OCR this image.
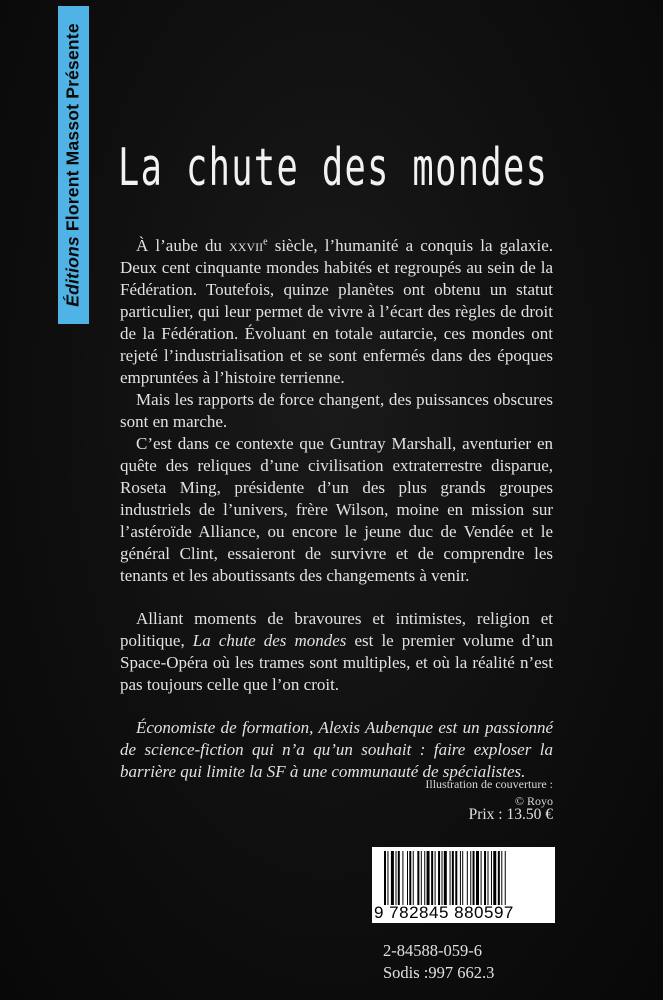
Éditions Florent Massot Présente La chute des mondes

À l’aube du xxvii$^e$ siècle, l’humanité a conquis la galaxie. Deux cent cinquante mondes habités et regroupés au sein de la Fédération. Toutefois, quinze planètes ont obtenu un statut particulier, qui leur permet de vivre à l’écart des règles de droit de la Fédération. Évoluant en totale autarcie, ces mondes ont rejeté l’industrialisation et se sont enfermés dans des époques empruntées à l’histoire terrienne.

Mais les rapports de force changent, des puissances obscures sont en marche.

C’est dans ce contexte que Guntray Marshall, aventurier en quête des reliques d’une civilisation extraterrestre disparue, Roseta Ming, présidente d’un des plus grands groupes industriels de l’univers, frère Wilson, moine en mission sur l’astéroïde Alliance, ou encore le jeune duc de Vendée et le général Clint, essaieront de survivre et de comprendre les tenants et les aboutissants des changements à venir.

Alliant moments de bravoures et intimistes, religion et politique, La chute des mondes est le premier volume d’un Space-Opéra où les trames sont multiples, et où la réalité n’est pas toujours celle que l’on croit.

Économiste de formation, Alexis Aubenque est un passionné de science-fiction qui n’a qu’un souhait : faire exploser la barrière qui limite la SF à une communauté de spécialistes.

Illustration de couverture :
© Royo
Prix : 13.50 €
9 782845 880597
2-84588-059-6
Sodis :997 662.3
